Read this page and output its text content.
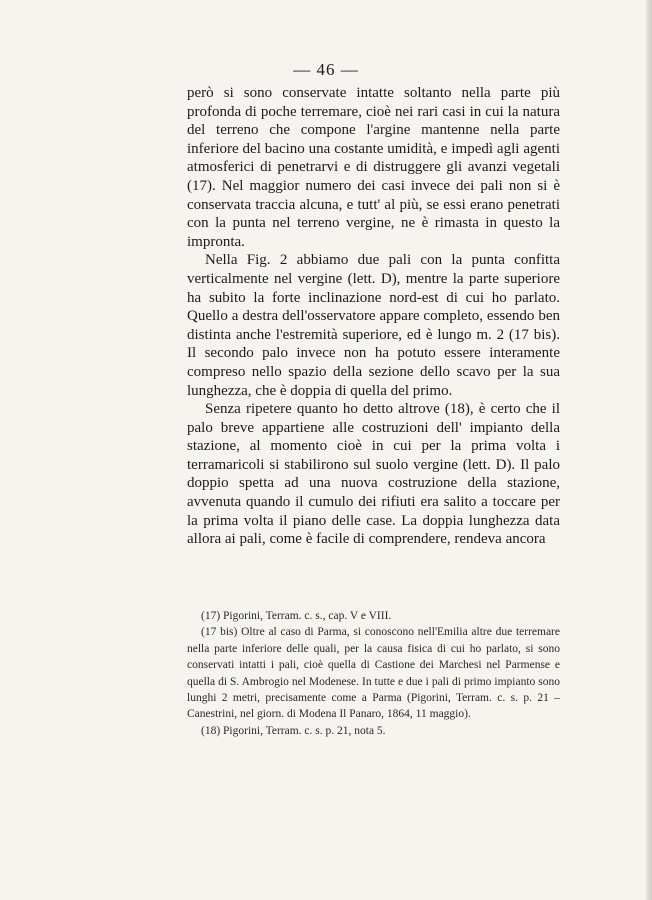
— 46 —

però si sono conservate intatte soltanto nella parte più profonda di poche terremare, cioè nei rari casi in cui la natura del terreno che compone l'argine mantenne nella parte inferiore del bacino una costante umidità, e impedì agli agenti atmosferici di penetrarvi e di distruggere gli avanzi vegetali (17). Nel maggior numero dei casi invece dei pali non si è conservata traccia alcuna, e tutt' al più, se essi erano penetrati con la punta nel terreno vergine, ne è rimasta in questo la impronta.

Nella Fig. 2 abbiamo due pali con la punta confitta verticalmente nel vergine (lett. D), mentre la parte superiore ha subito la forte inclinazione nord-est di cui ho parlato. Quello a destra dell'osservatore appare completo, essendo ben distinta anche l'estremità superiore, ed è lungo m. 2 (17 bis). Il secondo palo invece non ha potuto essere interamente compreso nello spazio della sezione dello scavo per la sua lunghezza, che è doppia di quella del primo.

Senza ripetere quanto ho detto altrove (18), è certo che il palo breve appartiene alle costruzioni dell' impianto della stazione, al momento cioè in cui per la prima volta i terramaricoli si stabilirono sul suolo vergine (lett. D). Il palo doppio spetta ad una nuova costruzione della stazione, avvenuta quando il cumulo dei rifiuti era salito a toccare per la prima volta il piano delle case. La doppia lunghezza data allora ai pali, come è facile di comprendere, rendeva ancora

(17) Pigorini, Terram. c. s., cap. V e VIII.

(17 bis) Oltre al caso di Parma, si conoscono nell'Emilia altre due terremare nella parte inferiore delle quali, per la causa fisica di cui ho parlato, si sono conservati intatti i pali, cioè quella di Castione dei Marchesi nel Parmense e quella di S. Ambrogio nel Modenese. In tutte e due i pali di primo impianto sono lunghi 2 metri, precisamente come a Parma (Pigorini, Terram. c. s. p. 21 – Canestrini, nel giorn. di Modena Il Panaro, 1864, 11 maggio).

(18) Pigorini, Terram. c. s. p. 21, nota 5.
